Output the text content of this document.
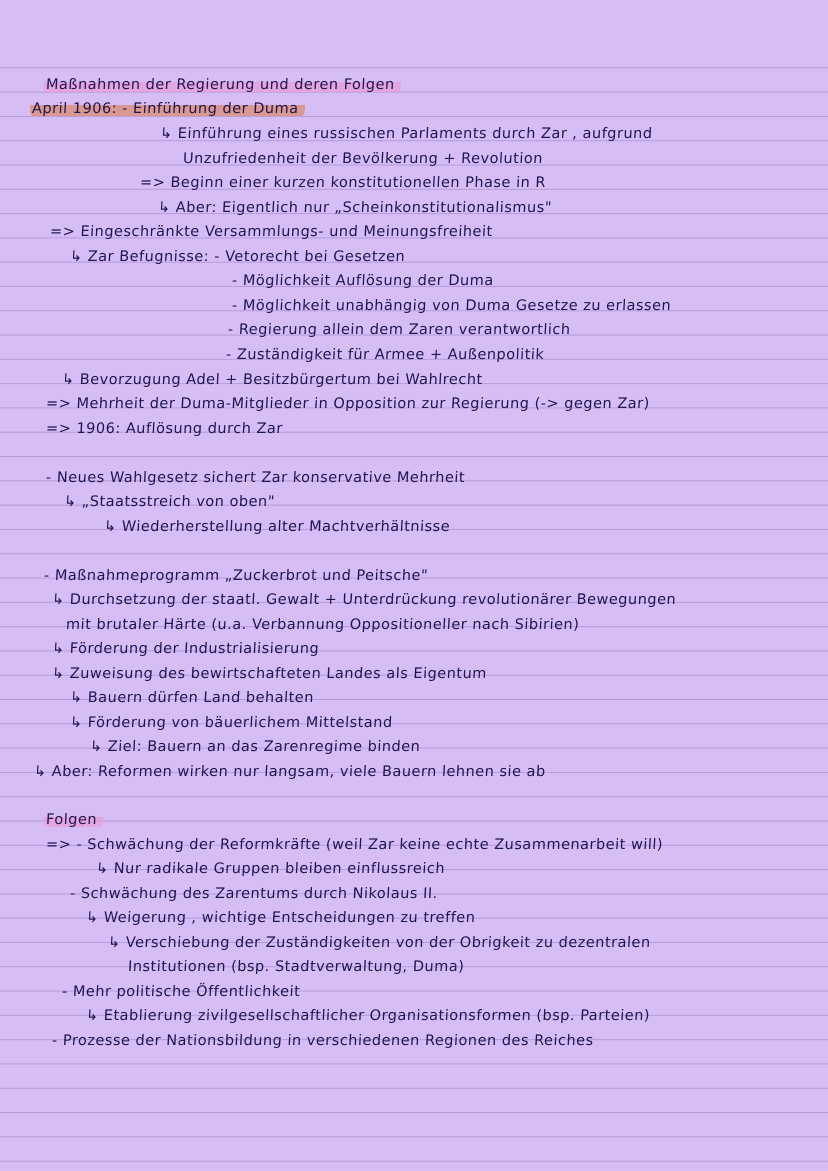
Maßnahmen der Regierung und deren Folgen
April 1906: - Einführung der Duma
↳ Einführung eines russischen Parlaments durch Zar , aufgrund
Unzufriedenheit der Bevölkerung + Revolution
=> Beginn einer kurzen konstitutionellen Phase in R
↳ Aber: Eigentlich nur „Scheinkonstitutionalismus"
=> Eingeschränkte Versammlungs- und Meinungsfreiheit
↳ Zar Befugnisse: - Vetorecht bei Gesetzen
- Möglichkeit Auflösung der Duma
- Möglichkeit unabhängig von Duma Gesetze zu erlassen
- Regierung allein dem Zaren verantwortlich
- Zuständigkeit für Armee + Außenpolitik
↳ Bevorzugung Adel + Besitzbürgertum bei Wahlrecht
=> Mehrheit der Duma-Mitglieder in Opposition zur Regierung (-> gegen Zar)
=> 1906: Auflösung durch Zar
- Neues Wahlgesetz sichert Zar konservative Mehrheit
↳ „Staatsstreich von oben"
↳ Wiederherstellung alter Machtverhältnisse
- Maßnahmeprogramm „Zuckerbrot und Peitsche"
↳ Durchsetzung der staatl. Gewalt + Unterdrückung revolutionärer Bewegungen
mit brutaler Härte (u.a. Verbannung Oppositioneller nach Sibirien)
↳ Förderung der Industrialisierung
↳ Zuweisung des bewirtschafteten Landes als Eigentum
↳ Bauern dürfen Land behalten
↳ Förderung von bäuerlichem Mittelstand
↳ Ziel: Bauern an das Zarenregime binden
↳ Aber: Reformen wirken nur langsam, viele Bauern lehnen sie ab
Folgen
=> - Schwächung der Reformkräfte (weil Zar keine echte Zusammenarbeit will)
↳ Nur radikale Gruppen bleiben einflussreich
- Schwächung des Zarentums durch Nikolaus II.
↳ Weigerung , wichtige Entscheidungen zu treffen
↳ Verschiebung der Zuständigkeiten von der Obrigkeit zu dezentralen
Institutionen (bsp. Stadtverwaltung, Duma)
- Mehr politische Öffentlichkeit
↳ Etablierung zivilgesellschaftlicher Organisationsformen (bsp. Parteien)
- Prozesse der Nationsbildung in verschiedenen Regionen des Reiches
